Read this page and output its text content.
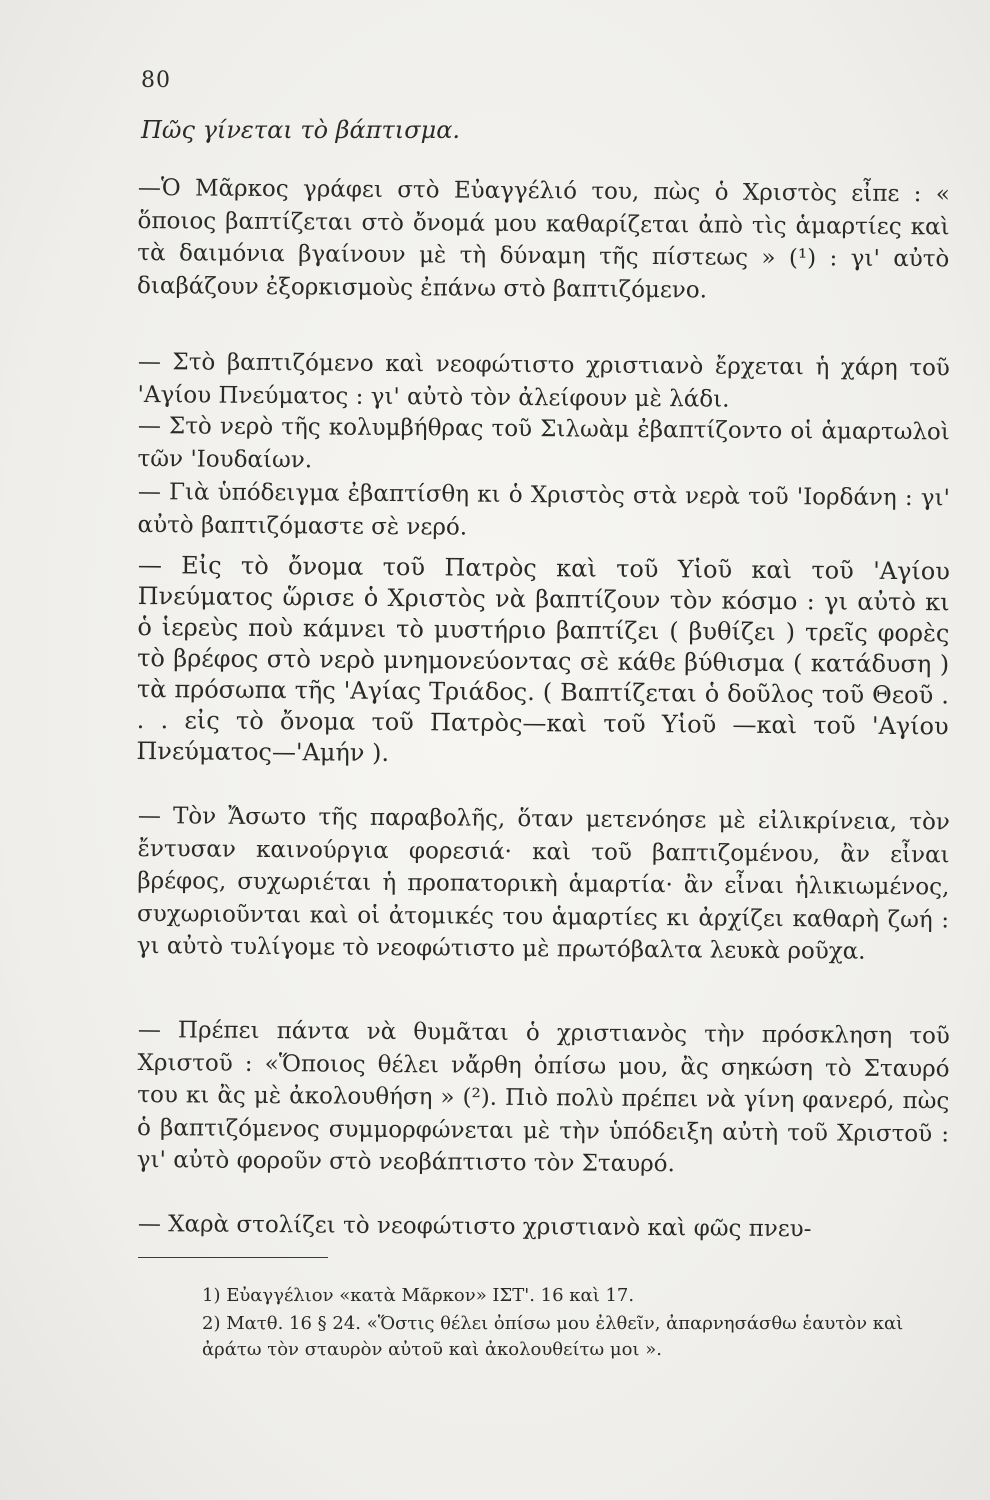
80
Πῶς γίνεται τὸ βάπτισμα.
—Ὁ Μᾶρκος γράφει στὸ Εὐαγγέλιό του, πὼς ὁ Χριστὸς εἶπε : « ὅποιος βαπτίζεται στὸ ὄνομά μου καθαρίζεται ἀπὸ τὶς ἁμαρτίες καὶ τὰ δαιμόνια βγαίνουν μὲ τὴ δύναμη τῆς πίστεως » (¹) : γι' αὐτὸ διαβάζουν ἐξορκισμοὺς ἐπάνω στὸ βαπτιζόμενο.
— Στὸ βαπτιζόμενο καὶ νεοφώτιστο χριστιανὸ ἔρχεται ἡ χάρη τοῦ 'Αγίου Πνεύματος : γι' αὐτὸ τὸν ἀλείφουν μὲ λάδι.
— Στὸ νερὸ τῆς κολυμβήθρας τοῦ Σιλωὰμ ἐβαπτίζοντο οἱ ἁμαρτωλοὶ τῶν 'Ιουδαίων.
— Γιὰ ὑπόδειγμα ἐβαπτίσθη κι ὁ Χριστὸς στὰ νερὰ τοῦ 'Ιορδάνη : γι' αὐτὸ βαπτιζόμαστε σὲ νερό.
— Εἰς τὸ ὄνομα τοῦ Πατρὸς καὶ τοῦ Υἱοῦ καὶ τοῦ 'Αγίου Πνεύματος ὥρισε ὁ Χριστὸς νὰ βαπτίζουν τὸν κόσμο : γι αὐτὸ κι ὁ ἱερεὺς ποὺ κάμνει τὸ μυστήριο βαπτίζει ( βυθίζει ) τρεῖς φορὲς τὸ βρέφος στὸ νερὸ μνημονεύοντας σὲ κάθε βύθισμα ( κατάδυση ) τὰ πρόσωπα τῆς 'Αγίας Τριάδος. ( Βαπτίζεται ὁ δοῦλος τοῦ Θεοῦ . . . εἰς τὸ ὄνομα τοῦ Πατρὸς—καὶ τοῦ Υἱοῦ —καὶ τοῦ 'Αγίου Πνεύματος—'Αμήν ).
— Τὸν Ἄσωτο τῆς παραβολῆς, ὅταν μετενόησε μὲ εἰλικρίνεια, τὸν ἔντυσαν καινούργια φορεσιά· καὶ τοῦ βαπτιζομένου, ἂν εἶναι βρέφος, συχωριέται ἡ προπατορικὴ ἁμαρτία· ἂν εἶναι ἡλικιωμένος, συχωριοῦνται καὶ οἱ ἀτομικές του ἁμαρτίες κι ἀρχίζει καθαρὴ ζωή : γι αὐτὸ τυλίγομε τὸ νεοφώτιστο μὲ πρωτόβαλτα λευκὰ ροῦχα.
— Πρέπει πάντα νὰ θυμᾶται ὁ χριστιανὸς τὴν πρόσκληση τοῦ Χριστοῦ : «Ὅποιος θέλει νἄρθη ὀπίσω μου, ἂς σηκώση τὸ Σταυρό του κι ἂς μὲ ἀκολουθήση » (²). Πιὸ πολὺ πρέπει νὰ γίνη φανερό, πὼς ὁ βαπτιζόμενος συμμορφώνεται μὲ τὴν ὑπόδειξη αὐτὴ τοῦ Χριστοῦ : γι' αὐτὸ φοροῦν στὸ νεοβάπτιστο τὸν Σταυρό.
— Χαρὰ στολίζει τὸ νεοφώτιστο χριστιανὸ καὶ φῶς πνευ-
1) Εὐαγγέλιον «κατὰ Μᾶρκον» ΙΣΤ'. 16 καὶ 17.
2) Ματθ. 16 § 24. «Ὅστις θέλει ὀπίσω μου ἐλθεῖν, ἀπαρνησάσθω ἑαυτὸν καὶ ἀράτω τὸν σταυρὸν αὐτοῦ καὶ ἀκολουθείτω μοι ».
